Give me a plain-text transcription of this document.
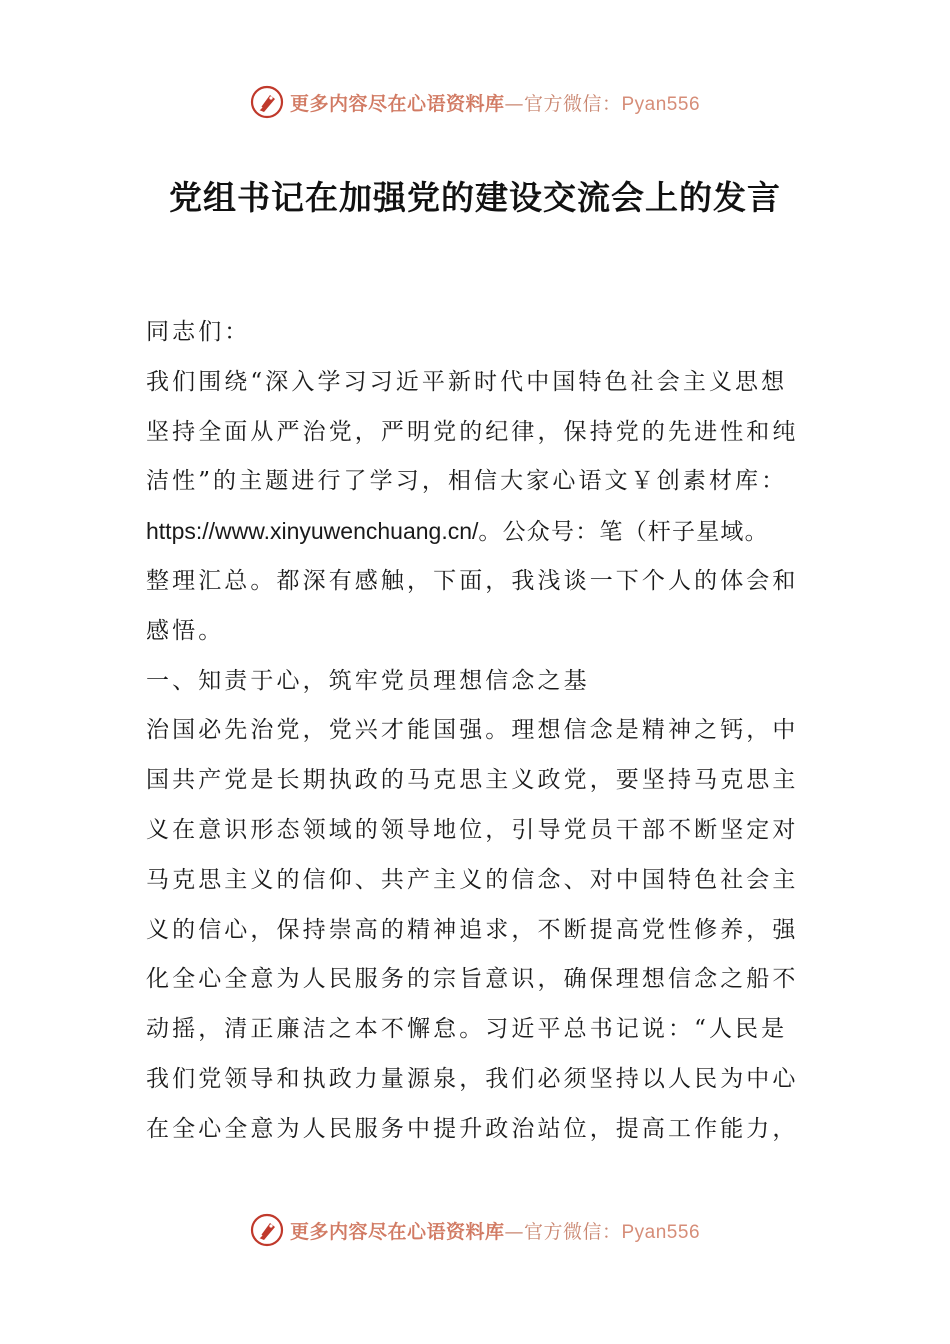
更多内容尽在心语资料库—官方微信：Pyan556
党组书记在加强党的建设交流会上的发言
同志们：
我们围绕“深入学习习近平新时代中国特色社会主义思想
坚持全面从严治党，严明党的纪律，保持党的先进性和纯
洁性”的主题进行了学习，相信大家心语文￥创素材库：
https://www.xinyuwenchuang.cn/。公众号：笔（杆子星域。
整理汇总。都深有感触，下面，我浅谈一下个人的体会和
感悟。
一、知责于心，筑牢党员理想信念之基
治国必先治党，党兴才能国强。理想信念是精神之钙，中
国共产党是长期执政的马克思主义政党，要坚持马克思主
义在意识形态领域的领导地位，引导党员干部不断坚定对
马克思主义的信仰、共产主义的信念、对中国特色社会主
义的信心，保持崇高的精神追求，不断提高党性修养，强
化全心全意为人民服务的宗旨意识，确保理想信念之船不
动摇，清正廉洁之本不懈怠。习近平总书记说：“人民是
我们党领导和执政力量源泉，我们必须坚持以人民为中心
在全心全意为人民服务中提升政治站位，提高工作能力，
更多内容尽在心语资料库—官方微信：Pyan556
